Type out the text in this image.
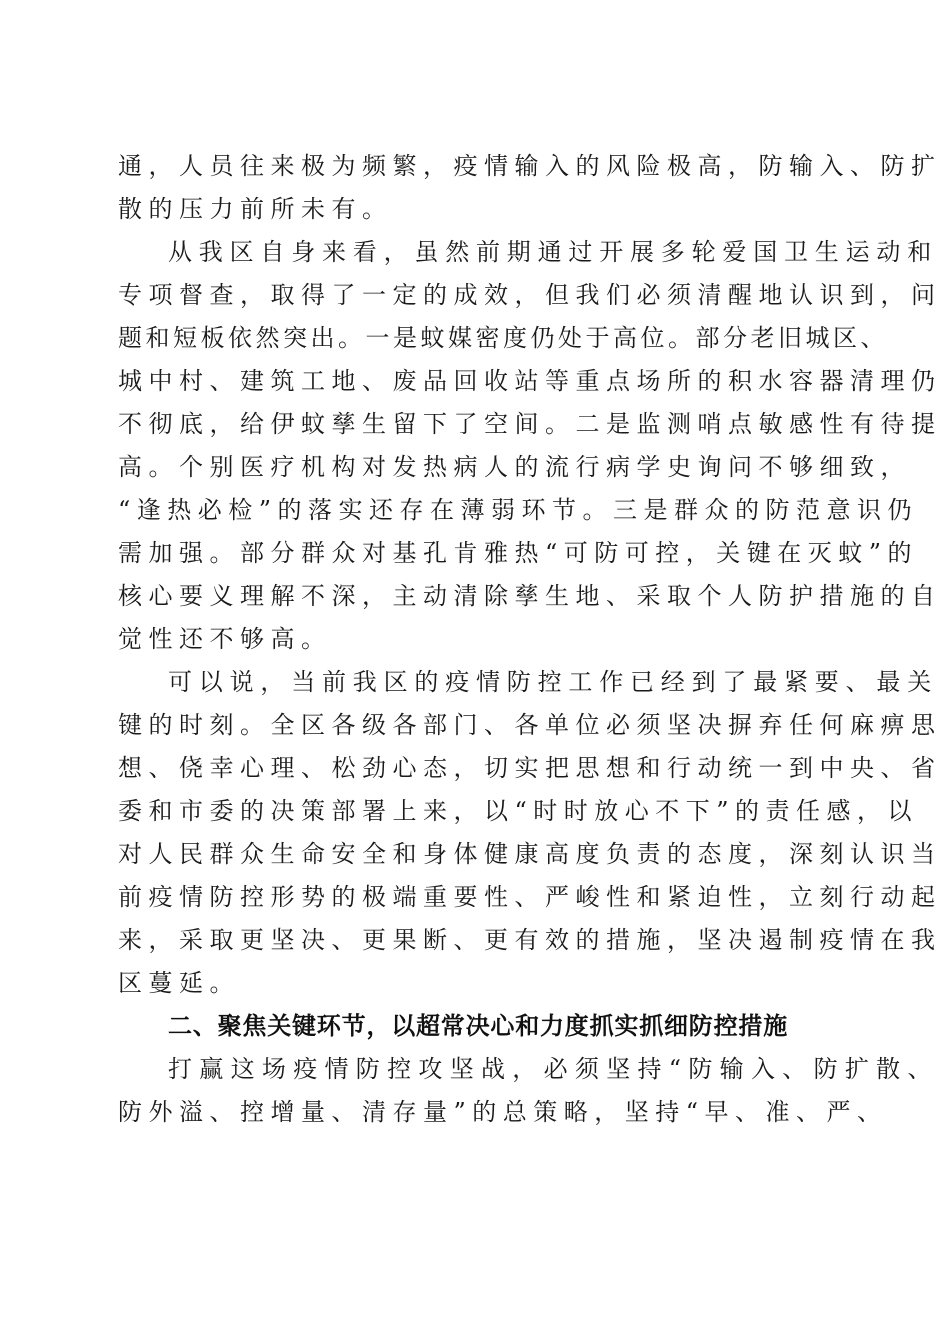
通，人员往来极为频繁，疫情输入的风险极高，防输入、防扩
散的压力前所未有。
从我区自身来看，虽然前期通过开展多轮爱国卫生运动和
专项督查，取得了一定的成效，但我们必须清醒地认识到，问
题和短板依然突出。一是蚊媒密度仍处于高位。部分老旧城区、
城中村、建筑工地、废品回收站等重点场所的积水容器清理仍
不彻底，给伊蚊孳生留下了空间。二是监测哨点敏感性有待提
高。个别医疗机构对发热病人的流行病学史询问不够细致，
“逢热必检”的落实还存在薄弱环节。三是群众的防范意识仍
需加强。部分群众对基孔肯雅热“可防可控，关键在灭蚊”的
核心要义理解不深，主动清除孳生地、采取个人防护措施的自
觉性还不够高。
可以说，当前我区的疫情防控工作已经到了最紧要、最关
键的时刻。全区各级各部门、各单位必须坚决摒弃任何麻痹思
想、侥幸心理、松劲心态，切实把思想和行动统一到中央、省
委和市委的决策部署上来，以“时时放心不下”的责任感，以
对人民群众生命安全和身体健康高度负责的态度，深刻认识当
前疫情防控形势的极端重要性、严峻性和紧迫性，立刻行动起
来，采取更坚决、更果断、更有效的措施，坚决遏制疫情在我
区蔓延。
二、聚焦关键环节，以超常决心和力度抓实抓细防控措施
打赢这场疫情防控攻坚战，必须坚持“防输入、防扩散、
防外溢、控增量、清存量”的总策略，坚持“早、准、严、
